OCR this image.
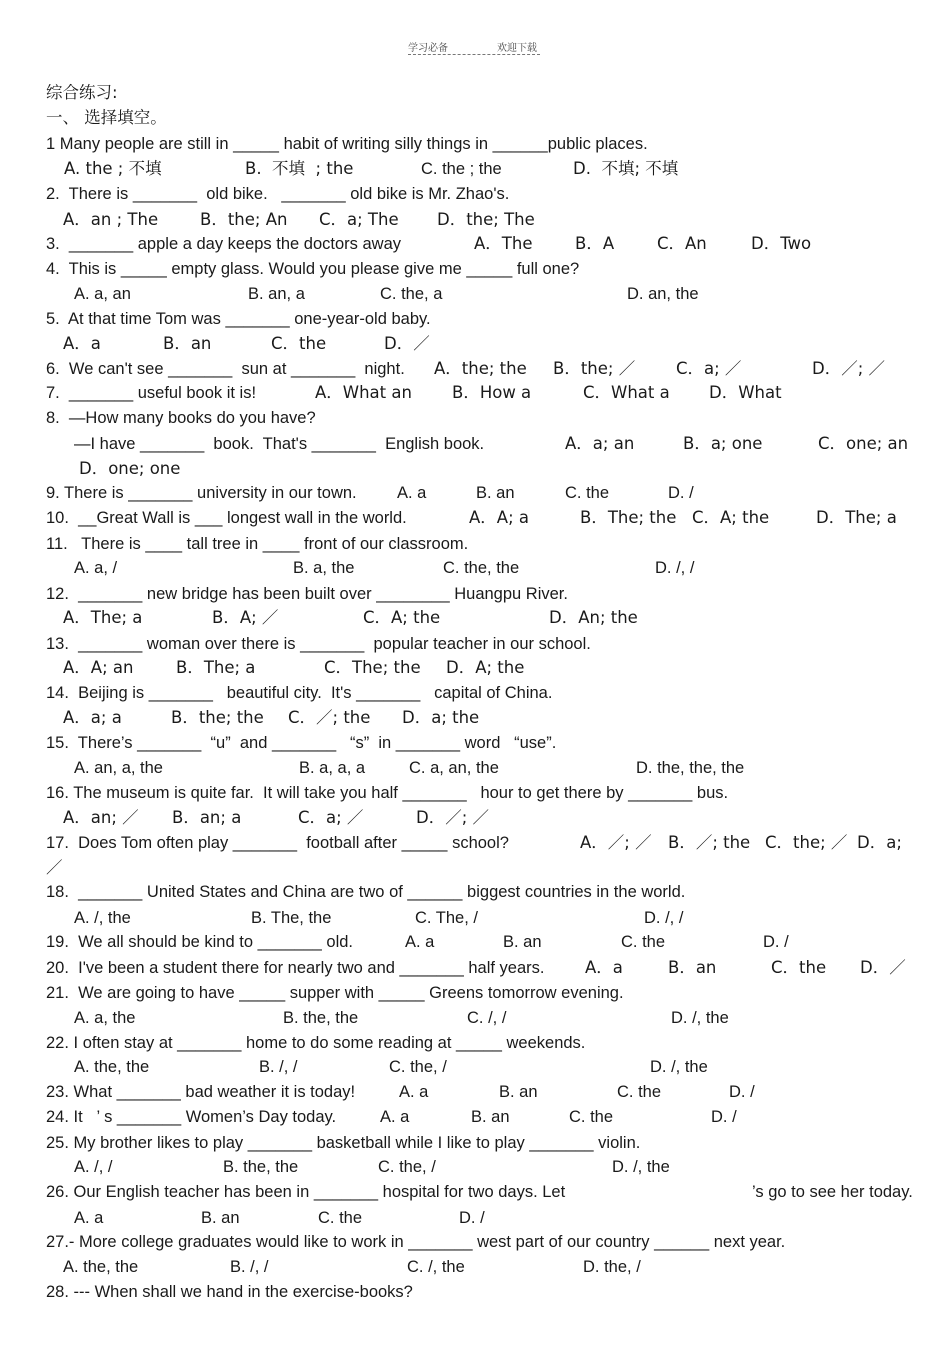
学习必备	欢迎下载
综合练习:
一、 选择填空。
1 Many people are still in _____ habit of writing silly things in ______public places.
A. the ; 不填	B.  不填  ; the	C. the ; the	D.  不填; 不填
2.  There is _______  old bike.   _______ old bike is Mr. Zhao's.
A．an ; The	B．the; An C．a; The D．the; The
3.  _______ apple a day keeps the doctors away	A．The	B．A	C．An	D．Two
4.  This is _____ empty glass. Would you please give me _____ full one?
A. a, an	B. an, a	C. the, a	D. an, the
5.  At that time Tom was _______ one-year-old baby.
A．a	B．an	C．the	D．／
6.  We can't see _______  sun at _______  night. A．the; the B．the; ／ C．a; ／	D．／; ／
7.  _______ useful book it is!	A．What an B．How a	C．What a D．What
8.  —How many books do you have?
—I have _______  book.  That's _______  English book.	A．a; an	B．a; one	C．one; an
D．one; one
9. There is _______ university in our town. A. a	B. an	C. the	D. /
10.  __Great Wall is ___ longest wall in the world.	A．A; a	B．The; the C．A; the	D．The; a
11.   There is ____ tall tree in ____ front of our classroom.
A. a, /	B. a, the	C. the, the	D. /, /
12.  _______ new bridge has been built over ________ Huangpu River.
A．The; a	B．A; ／	C．A; the	D．An; the
13.  _______ woman over there is _______  popular teacher in our school.
A．A; an	B．The; a	C．The; the D．A; the
14.  Beijing is _______   beautiful city.  It's _______   capital of China.
A．a; a	B．the; the C．／; the D．a; the
15.  There’s _______  “u”  and _______   “s”  in _______ word   “use”.
A. an, a, the	B. a, a, a	C. a, an, the	D. the, the, the
16. The museum is quite far.  It will take you half _______   hour to get there by _______ bus.
A．an; ／ B．an; a	C．a; ／	D．／; ／
17.  Does Tom often play _______  football after _____ school?	A．／; ／ B．／; the C．the; ／ D．a;
／
18.  _______ United States and China are two of ______ biggest countries in the world.
A. /, the	B. The, the	C. The, /	D. /, /
19.  We all should be kind to _______ old.	A. a	B. an	C. the	D. /
20.  I've been a student there for nearly two and _______ half years. A．a	B．an	C．the D．／
21.  We are going to have _____ supper with _____ Greens tomorrow evening.
A. a, the	B. the, the	C. /, /	D. /, the
22. I often stay at _______ home to do some reading at _____ weekends.
A. the, the	B. /, /	C. the, /	D. /, the
23. What _______ bad weather it is today!	A. a	B. an	C. the	D. /
24. It   ’ s _______ Women’s Day today.	A. a	B. an	C. the	D. /
25. My brother likes to play _______ basketball while I like to play _______ violin.
A. /, /	B. the, the	C. the, /	D. /, the
26. Our English teacher has been in _______ hospital for two days. Let	’s go to see her today.
A. a	B. an	C. the	D. /
27.- More college graduates would like to work in _______ west part of our country ______ next year.
A. the, the	B. /, /	C. /, the	D. the, /
28. --- When shall we hand in the exercise-books?
